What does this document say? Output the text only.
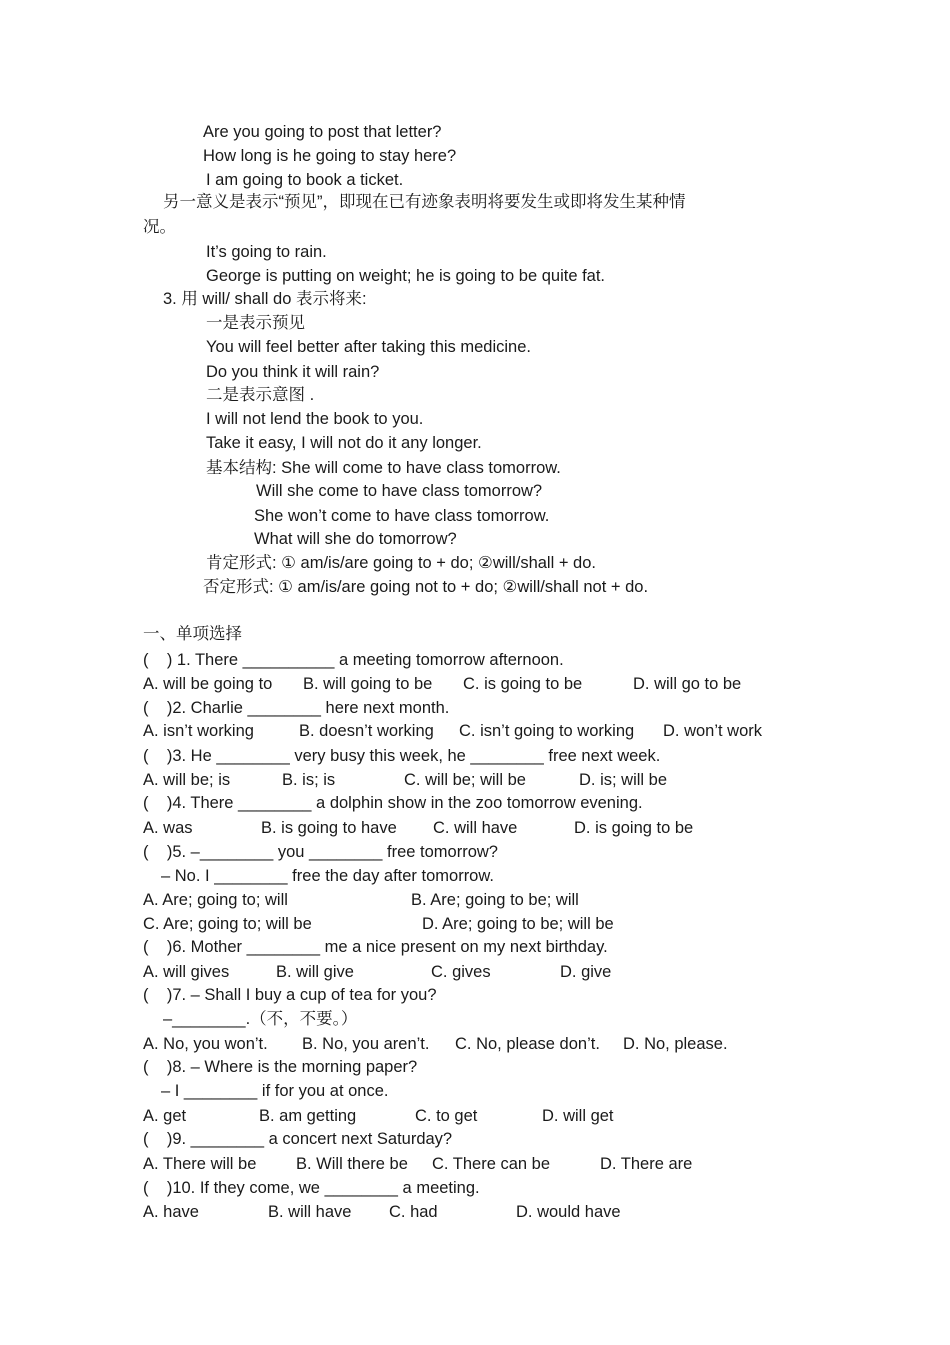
Are you going to post that letter?
How long is he going to stay here?
I am going to book a ticket.
另一意义是表示“预见”，即现在已有迹象表明将要发生或即将发生某种情
况。
It’s going to rain.
George is putting on weight; he is going to be quite fat.
3. 用 will/ shall do 表示将来:
一是表示预见
You will feel better after taking this medicine.
Do you think it will rain?
二是表示意图 .
I will not lend the book to you.
Take it easy, I will not do it any longer.
基本结构: She will come to have class tomorrow.
Will she come to have class tomorrow?
She won’t come to have class tomorrow.
What will she do tomorrow?
肯定形式: ① am/is/are going to + do; ②will/shall + do.
否定形式: ① am/is/are going not to + do; ②will/shall not + do.
一、单项选择
(    ) 1. There __________ a meeting tomorrow afternoon.
A. will be going to B. will going to be C. is going to be	D. will go to be
(    )2. Charlie ________ here next month.
A. isn’t working	B. doesn’t working C. isn’t going to working D. won’t work
(    )3. He ________ very busy this week, he ________ free next week.
A. will be; is	B. is; is	C. will be; will be	D. is; will be
(    )4. There ________ a dolphin show in the zoo tomorrow evening.
A. was	B. is going to have C. will have	D. is going to be
(    )5. –________ you ________ free tomorrow?
– No. I ________ free the day after tomorrow.
A. Are; going to; will	B. Are; going to be; will
C. Are; going to; will be	D. Are; going to be; will be
(    )6. Mother ________ me a nice present on my next birthday.
A. will gives	B. will give	C. gives	D. give
(    )7. – Shall I buy a cup of tea for you?
–________.（不，不要。）
A. No, you won’t. B. No, you aren’t. C. No, please don’t. D. No, please.
(    )8. – Where is the morning paper?
– I ________ if for you at once.
A. get	B. am getting	C. to get	D. will get
(    )9. ________ a concert next Saturday?
A. There will be B. Will there be C. There can be	D. There are
(    )10. If they come, we ________ a meeting.
A. have	B. will have C. had	D. would have
